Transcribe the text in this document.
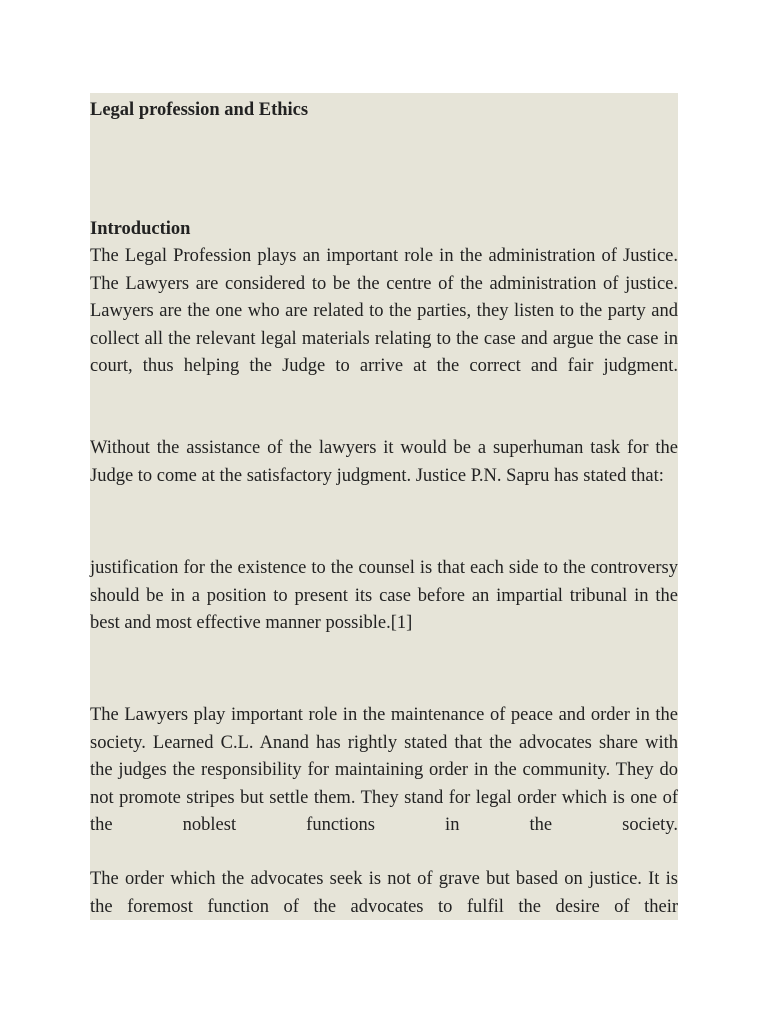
Legal profession and Ethics
Introduction
The Legal Profession plays an important role in the administration of Justice. The Lawyers are considered to be the centre of the administration of justice. Lawyers are the one who are related to the parties, they listen to the party and collect all the relevant legal materials relating to the case and argue the case in court, thus helping the Judge to arrive at the correct and fair judgment.
Without the assistance of the lawyers it would be a superhuman task for the Judge to come at the satisfactory judgment. Justice P.N. Sapru has stated that:
justification for the existence to the counsel is that each side to the controversy should be in a position to present its case before an impartial tribunal in the best and most effective manner possible.[1]
The Lawyers play important role in the maintenance of peace and order in the society. Learned C.L. Anand has rightly stated that the advocates share with the judges the responsibility for maintaining order in the community. They do not promote stripes but settle them. They stand for legal order which is one of the noblest functions in the society.
The order which the advocates seek is not of grave but based on justice. It is the foremost function of the advocates to fulfil the desire of their
